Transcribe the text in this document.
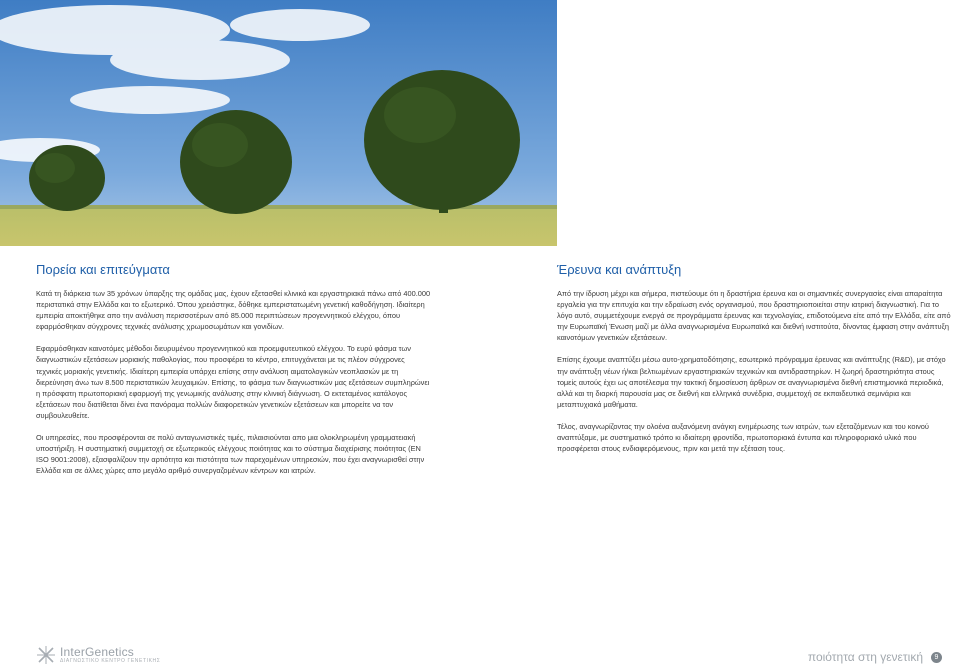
Πορεία και επιτεύγματα

Κατά τη διάρκεια των 35 χρόνων ύπαρξης της ομάδας μας, έχουν εξετασθεί κλινικά και εργαστηριακά πάνω από 400.000 περιστατικά στην Ελλάδα και το εξωτερικό. Όπου χρειάστηκε, δόθηκε εμπεριστατωμένη γενετική καθοδήγηση. Ιδιαίτερη εμπειρία αποκτήθηκε απο την ανάλυση περισσοτέρων από 85.000 περιπτώσεων προγεννητικού ελέγχου, όπου εφαρμόσθηκαν σύγχρονες τεχνικές ανάλυσης χρωμοσωμάτων και γονιδίων.

Εφαρμόσθηκαν καινοτόμες μέθοδοι διευρυμένου προγεννητικού και προεμφυτευτικού ελέγχου. Το ευρύ φάσμα των διαγνωστικών εξετάσεων μοριακής παθολογίας, που προσφέρει το κέντρο, επιτυγχάνεται με τις πλέον σύγχρονες τεχνικές μοριακής γενετικής. Ιδιαίτερη εμπειρία υπάρχει επίσης στην ανάλυση αιματολογικών νεοπλασιών με τη διερεύνηση άνω των 8.500 περιστατικών λευχαιμιών. Επίσης, το φάσμα των διαγνωστικών μας εξετάσεων συμπληρώνει η πρόσφατη πρωτοποριακή εφαρμογή της γενωμικής ανάλυσης στην κλινική διάγνωση. Ο εκτεταμένος κατάλογος εξετάσεων που διατίθεται δίνει ένα πανόραμα πολλών διαφορετικών γενετικών εξετάσεων και μπορείτε να τον συμβουλευθείτε.

Οι υπηρεσίες, που προσφέρονται σε πολύ ανταγωνιστικές τιμές, πιλαισιούνται απο μια ολοκληρωμένη γραμματειακή υποστήριξη. Η συστηματική συμμετοχή σε εξωτερικούς ελέγχους ποιότητας και το σύστημα διαχείρισης ποιότητας (EN ISO 9001:2008), εξασφαλίζουν την αρτιότητα και πιστότητα των παρεχομένων υπηρεσιών, που έχει αναγνωρισθεί στην Ελλάδα και σε άλλες χώρες απο μεγάλο αριθμό συνεργαζομένων κέντρων και ιατρών.

Έρευνα και ανάπτυξη

Από την ίδρυση μέχρι και σήμερα, πιστεύουμε ότι η δραστήρια έρευνα και οι σημαντικές συνεργασίες είναι απαραίτητα εργαλεία για την επιτυχία και την εδραίωση ενός οργανισμού, που δραστηριοποιείται στην ιατρική διαγνωστική. Για το λόγο αυτό, συμμετέχουμε ενεργά σε προγράμματα έρευνας και τεχνολογίας, επιδοτούμενα είτε από την Ελλάδα, είτε από την Ευρωπαϊκή Ένωση μαζί με άλλα αναγνωρισμένα Ευρωπαϊκά και διεθνή ινστιτούτα, δίνοντας έμφαση στην ανάπτυξη καινοτόμων γενετικών εξετάσεων.

Επίσης έχουμε αναπτύξει μέσω αυτο-χρηματοδότησης, εσωτερικό πρόγραμμα έρευνας και ανάπτυξης (R&D), με στόχο την ανάπτυξη νέων ή/και βελτιωμένων εργαστηριακών τεχνικών και αντιδραστηρίων. Η ζωηρή δραστηριότητα στους τομείς αυτούς έχει ως αποτέλεσμα την τακτική δημοσίευση άρθρων σε αναγνωρισμένα διεθνή επιστημονικά περιοδικά, αλλά και τη διαρκή παρουσία μας σε διεθνή και ελληνικά συνέδρια, συμμετοχή σε εκπαιδευτικά σεμινάρια και μεταπτυχιακά μαθήματα.

Τέλος, αναγνωρίζοντας την ολοένα αυξανόμενη ανάγκη ενημέρωσης των ιατρών, των εξεταζόμενων και του κοινού αναπτύξαμε, με συστηματικό τρόπο κι ιδιαίτερη φροντίδα, πρωτοποριακά έντυπα και πληροφοριακό υλικό που προσφέρεται στους ενδιαφερόμενους, πριν και μετά την εξέταση τους.

InterGenetics
ΔΙΑΓΝΩΣΤΙΚΟ ΚΕΝΤΡΟ ΓΕΝΕΤΙΚΗΣ	ποιότητα στη γενετική	9
